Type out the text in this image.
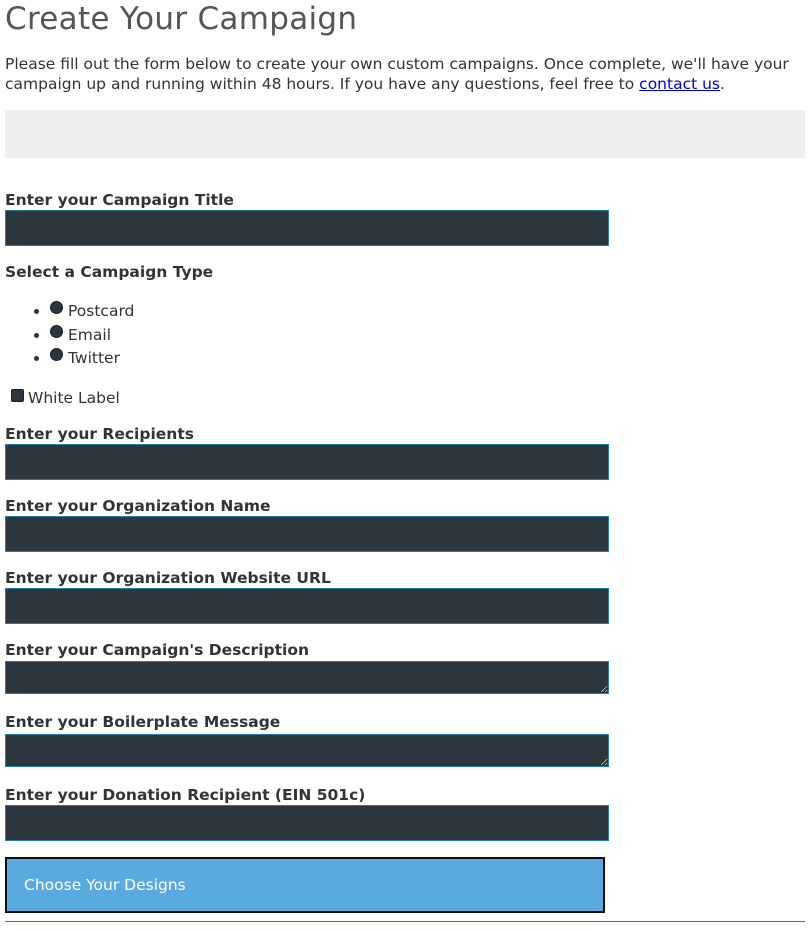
Create Your Campaign

Please fill out the form below to create your own custom campaigns. Once complete, we'll have your campaign up and running within 48 hours. If you have any questions, feel free to contact us.

Enter your Campaign Title
Select a Campaign Type
• Postcard
• Email
• Twitter
White Label
Enter your Recipients
Enter your Organization Name
Enter your Organization Website URL
Enter your Campaign's Description
Enter your Boilerplate Message
Enter your Donation Recipient (EIN 501c)
Choose Your Designs
